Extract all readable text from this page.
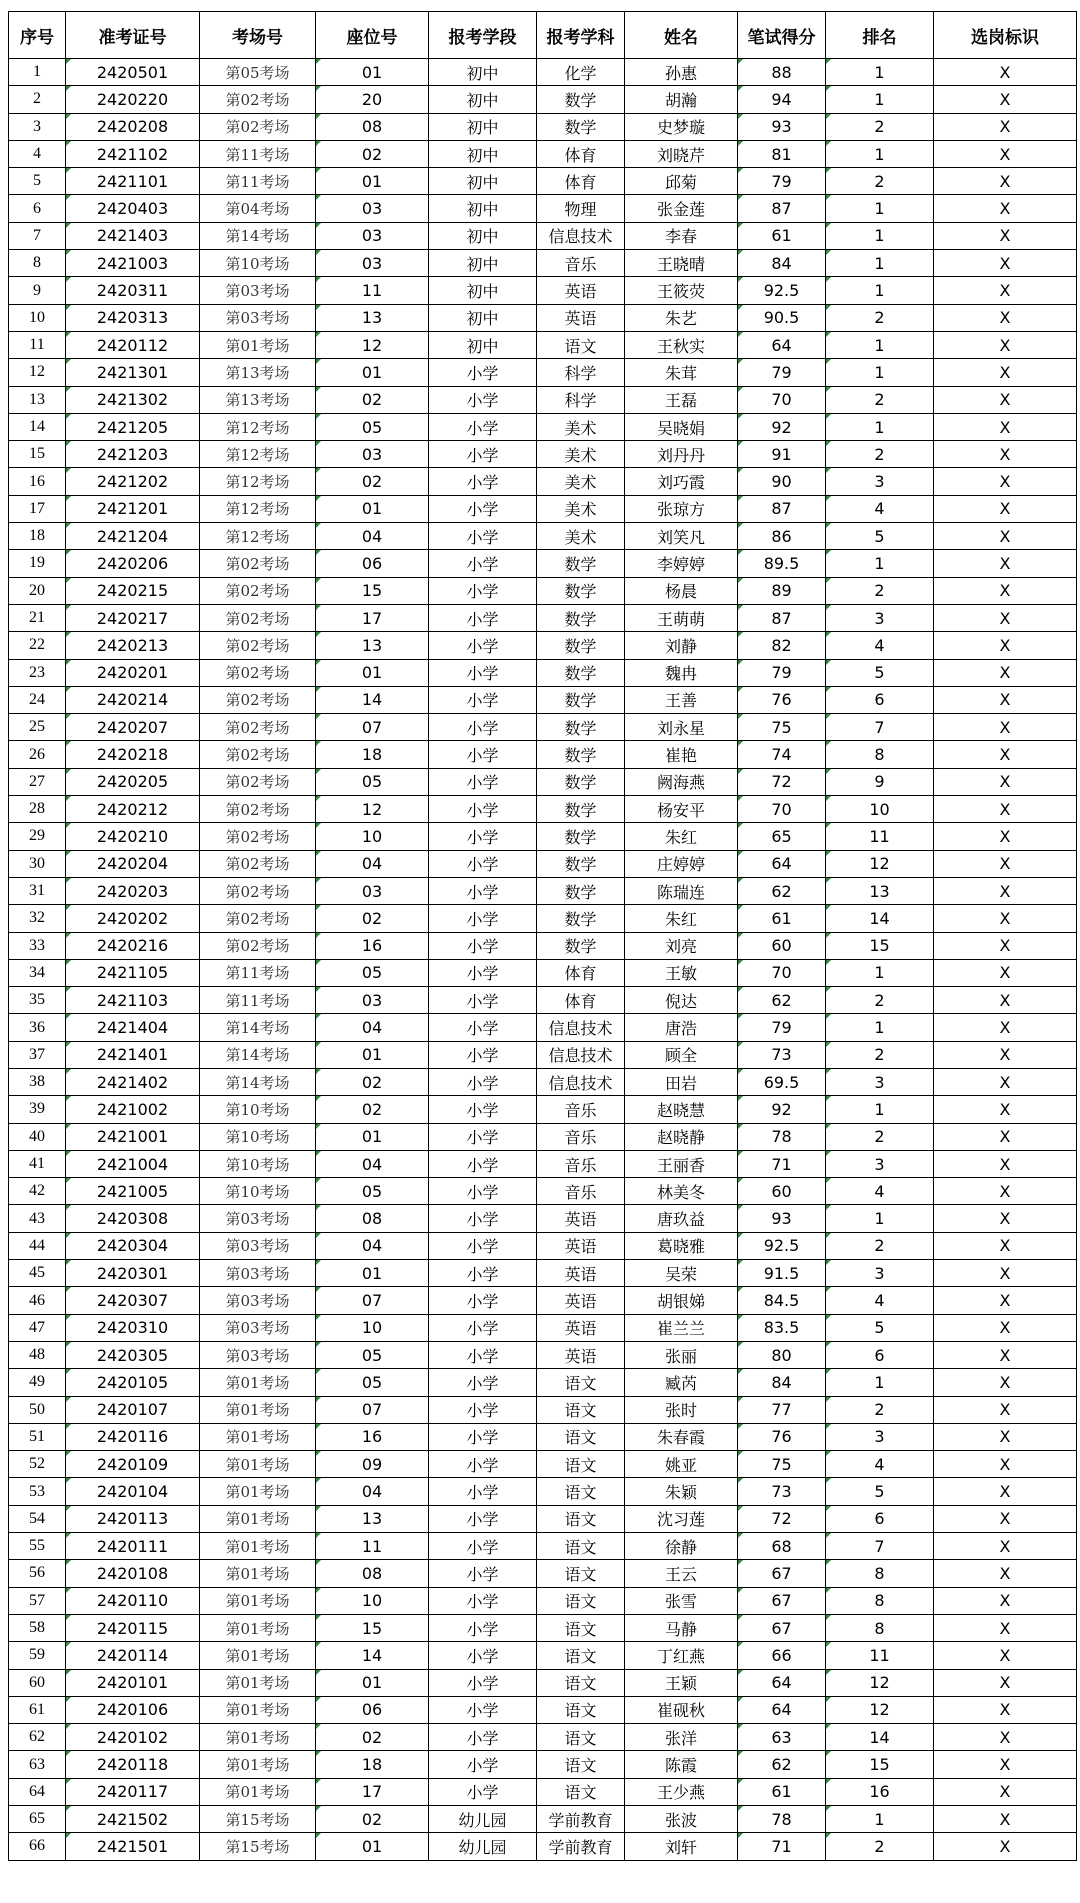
序号	准考证号	考场号	座位号	报考学段	报考学科	姓名	笔试得分	排名	选岗标识
1	2420501	第05考场	01	初中	化学	孙惠	88	1	X
2	2420220	第02考场	20	初中	数学	胡瀚	94	1	X
3	2420208	第02考场	08	初中	数学	史梦璇	93	2	X
4	2421102	第11考场	02	初中	体育	刘晓芹	81	1	X
5	2421101	第11考场	01	初中	体育	邱菊	79	2	X
6	2420403	第04考场	03	初中	物理	张金莲	87	1	X
7	2421403	第14考场	03	初中	信息技术	李春	61	1	X
8	2421003	第10考场	03	初中	音乐	王晓晴	84	1	X
9	2420311	第03考场	11	初中	英语	王筱荧	92.5	1	X
10	2420313	第03考场	13	初中	英语	朱艺	90.5	2	X
11	2420112	第01考场	12	初中	语文	王秋实	64	1	X
12	2421301	第13考场	01	小学	科学	朱茸	79	1	X
13	2421302	第13考场	02	小学	科学	王磊	70	2	X
14	2421205	第12考场	05	小学	美术	吴晓娟	92	1	X
15	2421203	第12考场	03	小学	美术	刘丹丹	91	2	X
16	2421202	第12考场	02	小学	美术	刘巧霞	90	3	X
17	2421201	第12考场	01	小学	美术	张琼方	87	4	X
18	2421204	第12考场	04	小学	美术	刘笑凡	86	5	X
19	2420206	第02考场	06	小学	数学	李婷婷	89.5	1	X
20	2420215	第02考场	15	小学	数学	杨晨	89	2	X
21	2420217	第02考场	17	小学	数学	王萌萌	87	3	X
22	2420213	第02考场	13	小学	数学	刘静	82	4	X
23	2420201	第02考场	01	小学	数学	魏冉	79	5	X
24	2420214	第02考场	14	小学	数学	王善	76	6	X
25	2420207	第02考场	07	小学	数学	刘永星	75	7	X
26	2420218	第02考场	18	小学	数学	崔艳	74	8	X
27	2420205	第02考场	05	小学	数学	阙海燕	72	9	X
28	2420212	第02考场	12	小学	数学	杨安平	70	10	X
29	2420210	第02考场	10	小学	数学	朱红	65	11	X
30	2420204	第02考场	04	小学	数学	庄婷婷	64	12	X
31	2420203	第02考场	03	小学	数学	陈瑞连	62	13	X
32	2420202	第02考场	02	小学	数学	朱红	61	14	X
33	2420216	第02考场	16	小学	数学	刘亮	60	15	X
34	2421105	第11考场	05	小学	体育	王敏	70	1	X
35	2421103	第11考场	03	小学	体育	倪达	62	2	X
36	2421404	第14考场	04	小学	信息技术	唐浩	79	1	X
37	2421401	第14考场	01	小学	信息技术	顾全	73	2	X
38	2421402	第14考场	02	小学	信息技术	田岩	69.5	3	X
39	2421002	第10考场	02	小学	音乐	赵晓慧	92	1	X
40	2421001	第10考场	01	小学	音乐	赵晓静	78	2	X
41	2421004	第10考场	04	小学	音乐	王丽香	71	3	X
42	2421005	第10考场	05	小学	音乐	林美冬	60	4	X
43	2420308	第03考场	08	小学	英语	唐玖益	93	1	X
44	2420304	第03考场	04	小学	英语	葛晓雅	92.5	2	X
45	2420301	第03考场	01	小学	英语	吴荣	91.5	3	X
46	2420307	第03考场	07	小学	英语	胡银娣	84.5	4	X
47	2420310	第03考场	10	小学	英语	崔兰兰	83.5	5	X
48	2420305	第03考场	05	小学	英语	张丽	80	6	X
49	2420105	第01考场	05	小学	语文	臧芮	84	1	X
50	2420107	第01考场	07	小学	语文	张时	77	2	X
51	2420116	第01考场	16	小学	语文	朱春霞	76	3	X
52	2420109	第01考场	09	小学	语文	姚亚	75	4	X
53	2420104	第01考场	04	小学	语文	朱颖	73	5	X
54	2420113	第01考场	13	小学	语文	沈习莲	72	6	X
55	2420111	第01考场	11	小学	语文	徐静	68	7	X
56	2420108	第01考场	08	小学	语文	王云	67	8	X
57	2420110	第01考场	10	小学	语文	张雪	67	8	X
58	2420115	第01考场	15	小学	语文	马静	67	8	X
59	2420114	第01考场	14	小学	语文	丁红燕	66	11	X
60	2420101	第01考场	01	小学	语文	王颖	64	12	X
61	2420106	第01考场	06	小学	语文	崔砚秋	64	12	X
62	2420102	第01考场	02	小学	语文	张洋	63	14	X
63	2420118	第01考场	18	小学	语文	陈霞	62	15	X
64	2420117	第01考场	17	小学	语文	王少燕	61	16	X
65	2421502	第15考场	02	幼儿园	学前教育	张波	78	1	X
66	2421501	第15考场	01	幼儿园	学前教育	刘轩	71	2	X
